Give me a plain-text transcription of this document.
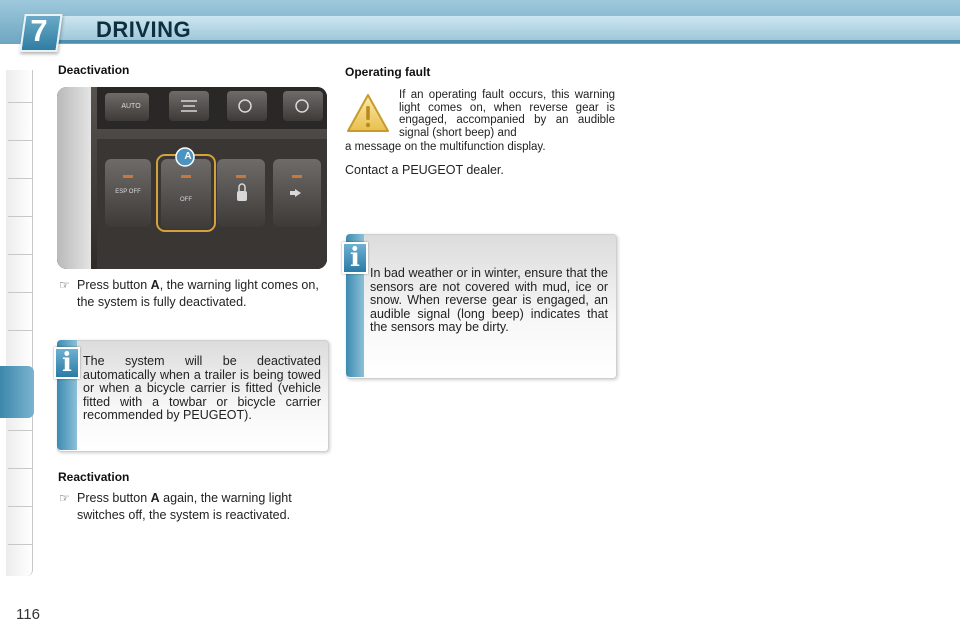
7	DRIVING
Deactivation
A
AUTO
ESP OFF
OFF
☞ Press button A, the warning light comes on, the system is fully deactivated.
i The system will be deactivated automatically when a trailer is being towed or when a bicycle carrier is fitted (vehicle fitted with a towbar or bicycle carrier recommended by PEUGEOT).
Reactivation
☞ Press button A again, the warning light switches off, the system is reactivated.
Operating fault
If an operating fault occurs, this warning light comes on, when reverse gear is engaged, accompanied by an audible signal (short beep) and
a message on the multifunction display.
Contact a PEUGEOT dealer.
i In bad weather or in winter, ensure that the sensors are not covered with mud, ice or snow. When reverse gear is engaged, an audible signal (long beep) indicates that the sensors may be dirty.
116
